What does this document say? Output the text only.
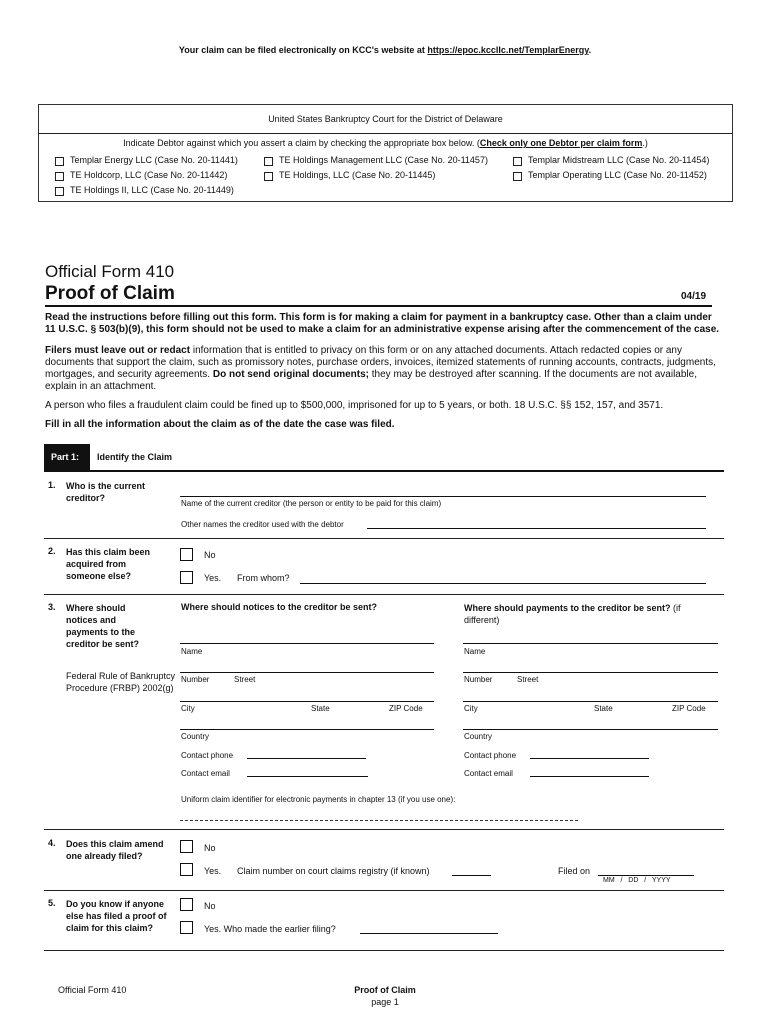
Your claim can be filed electronically on KCC's website at https://epoc.kccllc.net/TemplarEnergy.
United States Bankruptcy Court for the District of Delaware
Indicate Debtor against which you assert a claim by checking the appropriate box below. (Check only one Debtor per claim form.)
Templar Energy LLC (Case No. 20-11441)	TE Holdings Management LLC (Case No. 20-11457)	Templar Midstream LLC (Case No. 20-11454)
TE Holdcorp, LLC (Case No. 20-11442)	TE Holdings, LLC (Case No. 20-11445)	Templar Operating LLC (Case No. 20-11452)
TE Holdings II, LLC (Case No. 20-11449)
Official Form 410
Proof of Claim	04/19
Read the instructions before filling out this form. This form is for making a claim for payment in a bankruptcy case. Other than a claim under 11 U.S.C. § 503(b)(9), this form should not be used to make a claim for an administrative expense arising after the commencement of the case.
Filers must leave out or redact information that is entitled to privacy on this form or on any attached documents. Attach redacted copies or any documents that support the claim, such as promissory notes, purchase orders, invoices, itemized statements of running accounts, contracts, judgments, mortgages, and security agreements. Do not send original documents; they may be destroyed after scanning. If the documents are not available, explain in an attachment.
A person who files a fraudulent claim could be fined up to $500,000, imprisoned for up to 5 years, or both. 18 U.S.C. §§ 152, 157, and 3571.
Fill in all the information about the claim as of the date the case was filed.
Part 1: Identify the Claim
1. Who is the current creditor?
Name of the current creditor (the person or entity to be paid for this claim)
Other names the creditor used with the debtor
2. Has this claim been acquired from someone else?
No
Yes. From whom?
3. Where should notices and payments to the creditor be sent?
Federal Rule of Bankruptcy Procedure (FRBP) 2002(g)
Where should notices to the creditor be sent?	Where should payments to the creditor be sent? (if different)
Name
Number	Street
City	State	ZIP Code
Country
Contact phone
Contact email
Name
Number	Street
City	State	ZIP Code
Country
Contact phone
Contact email
Uniform claim identifier for electronic payments in chapter 13 (if you use one):
4. Does this claim amend one already filed?
No
Yes. Claim number on court claims registry (if known)	Filed on
MM   /   DD   /   YYYY
5. Do you know if anyone else has filed a proof of claim for this claim?
No
Yes. Who made the earlier filing?
Official Form 410	Proof of Claim
page 1
